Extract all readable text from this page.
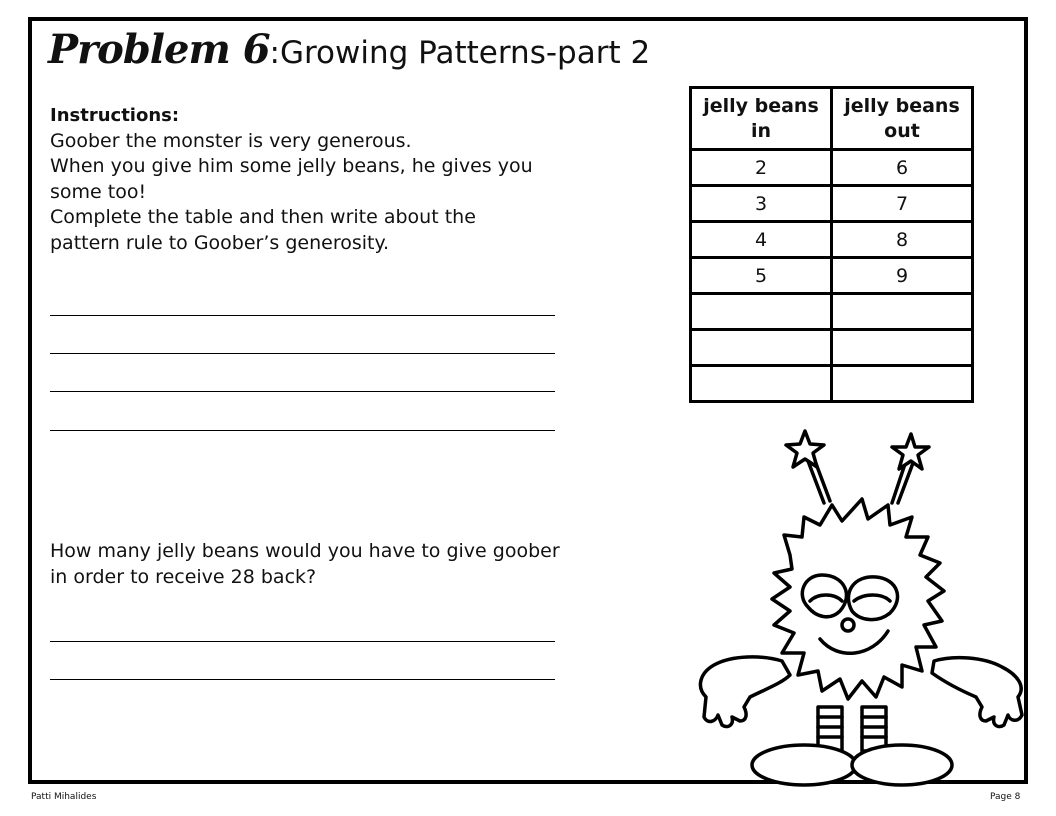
Problem 6:Growing Patterns-part 2

Instructions:

Goober the monster is very generous.

When you give him some jelly beans, he gives you some too!

Complete the table and then write about the pattern rule to Goober’s generosity.

How many jelly beans would you have to give goober in order to receive 28 back?
jelly beans in	jelly beans out
2	6
3	7
4	8
5	9

Patti Mihalides	Page 8
